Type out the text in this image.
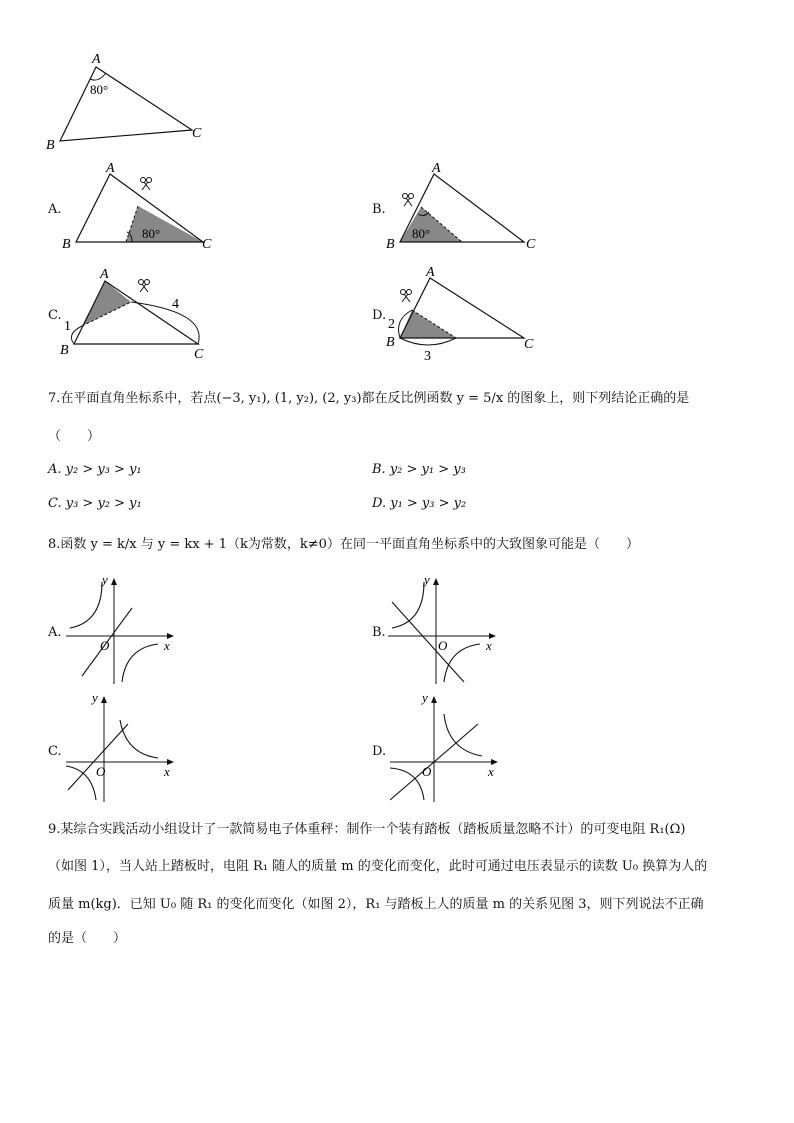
A
B
C
80°
A.
A
B	C
80°
B.
A
B	C
80°
C.
A
B	C
1
4
D.
A
B	C
2
3
7.在平面直角坐标系中，若点(−3, y₁), (1, y₂), (2, y₃)都在反比例函数 y = 5/x 的图象上，则下列结论正确的是
（　　）
A. y₂ > y₃ > y₁	B. y₂ > y₁ > y₃
C. y₃ > y₂ > y₁	D. y₁ > y₃ > y₂
8.函数 y = k/x 与 y = kx + 1（k为常数，k≠0）在同一平面直角坐标系中的大致图象可能是（　　）
A.
y
x
O
B.
y
x
O
C.
y
x
O
D.
y
x
O
9.某综合实践活动小组设计了一款简易电子体重秤：制作一个装有踏板（踏板质量忽略不计）的可变电阻 R₁(Ω)
（如图 1），当人站上踏板时，电阻 R₁ 随人的质量 m 的变化而变化，此时可通过电压表显示的读数 U₀ 换算为人的
质量 m(kg)．已知 U₀ 随 R₁ 的变化而变化（如图 2），R₁ 与踏板上人的质量 m 的关系见图 3，则下列说法不正确
的是（　　）
